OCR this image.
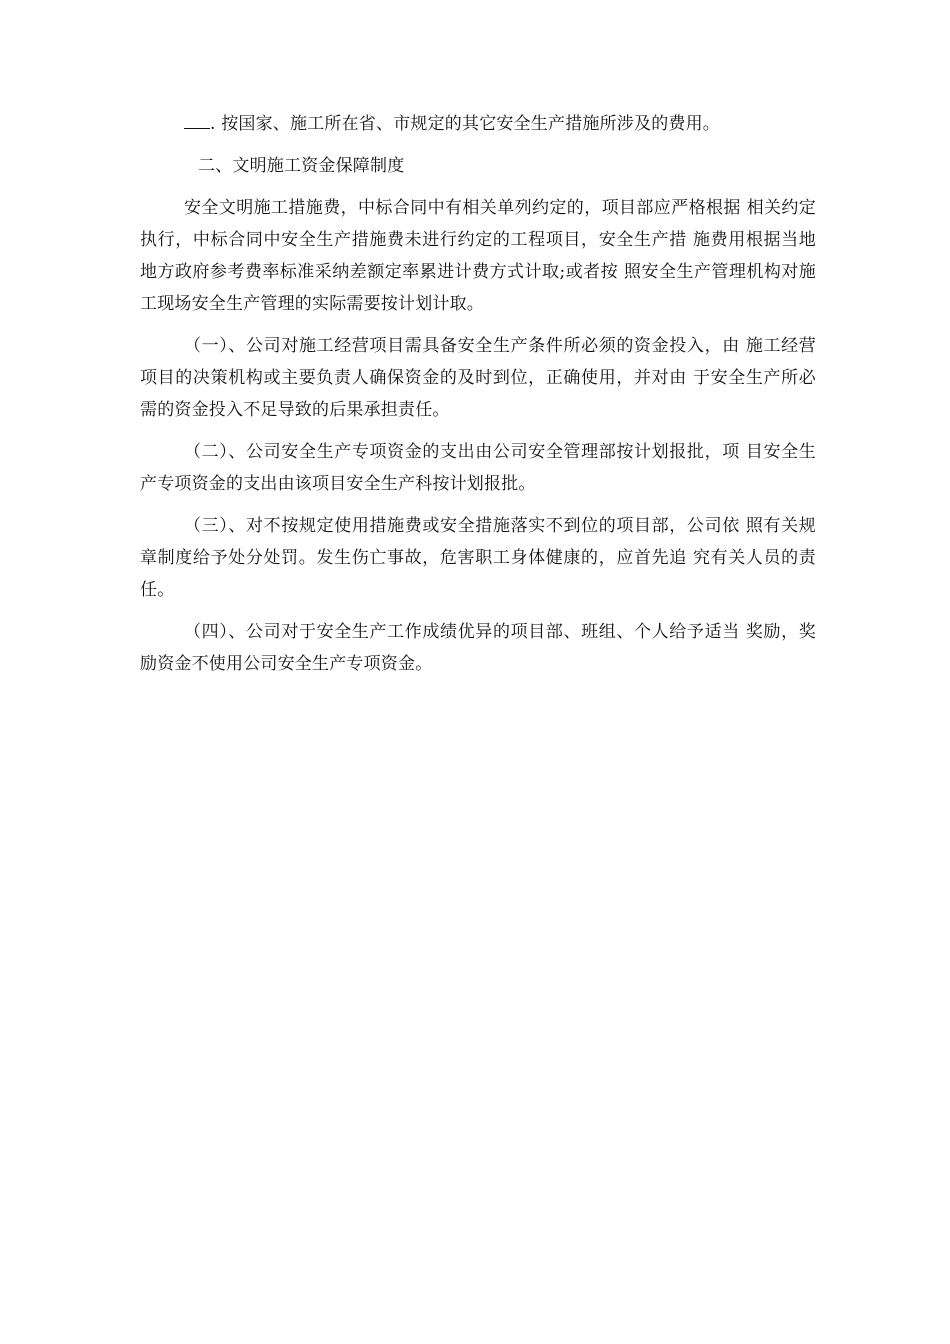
. 按国家、施工所在省、市规定的其它安全生产措施所涉及的费用。

二、文明施工资金保障制度

安全文明施工措施费，中标合同中有相关单列约定的，项目部应严格根据 相关约定执行，中标合同中安全生产措施费未进行约定的工程项目，安全生产措 施费用根据当地地方政府参考费率标准采纳差额定率累进计费方式计取;或者按 照安全生产管理机构对施工现场安全生产管理的实际需要按计划计取。

（一）、公司对施工经营项目需具备安全生产条件所必须的资金投入，由 施工经营项目的决策机构或主要负责人确保资金的及时到位，正确使用，并对由 于安全生产所必需的资金投入不足导致的后果承担责任。

（二）、公司安全生产专项资金的支出由公司安全管理部按计划报批，项 目安全生产专项资金的支出由该项目安全生产科按计划报批。

（三）、对不按规定使用措施费或安全措施落实不到位的项目部，公司依 照有关规章制度给予处分处罚。发生伤亡事故，危害职工身体健康的，应首先追 究有关人员的责任。

（四）、公司对于安全生产工作成绩优异的项目部、班组、个人给予适当 奖励，奖励资金不使用公司安全生产专项资金。
